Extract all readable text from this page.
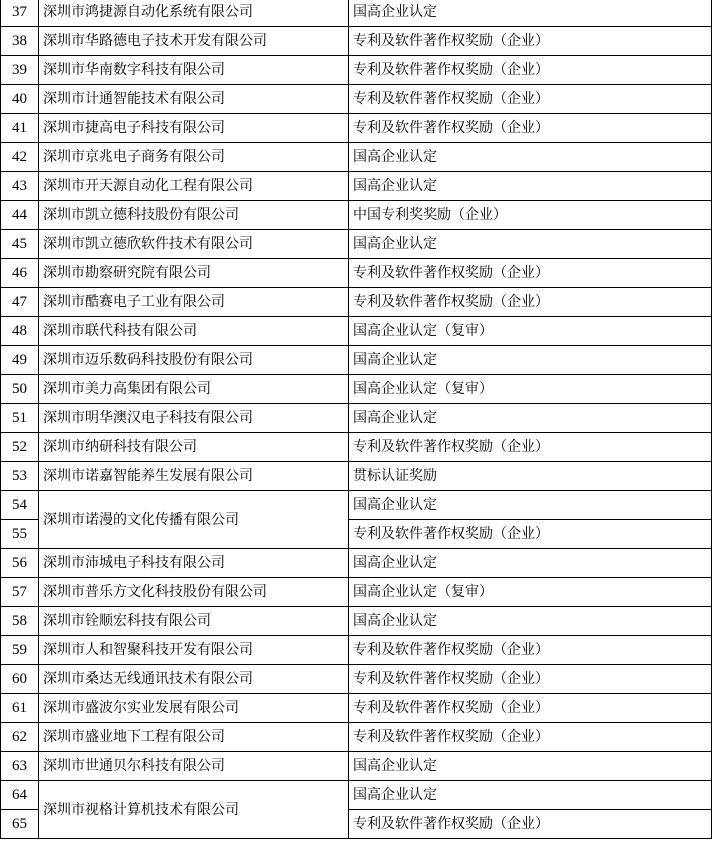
37	深圳市鸿捷源自动化系统有限公司	国高企业认定
38	深圳市华路德电子技术开发有限公司	专利及软件著作权奖励（企业）
39	深圳市华南数字科技有限公司	专利及软件著作权奖励（企业）
40	深圳市计通智能技术有限公司	专利及软件著作权奖励（企业）
41	深圳市捷高电子科技有限公司	专利及软件著作权奖励（企业）
42	深圳市京兆电子商务有限公司	国高企业认定
43	深圳市开天源自动化工程有限公司	国高企业认定
44	深圳市凯立德科技股份有限公司	中国专利奖奖励（企业）
45	深圳市凯立德欣软件技术有限公司	国高企业认定
46	深圳市勘察研究院有限公司	专利及软件著作权奖励（企业）
47	深圳市酷赛电子工业有限公司	专利及软件著作权奖励（企业）
48	深圳市联代科技有限公司	国高企业认定（复审）
49	深圳市迈乐数码科技股份有限公司	国高企业认定
50	深圳市美力高集团有限公司	国高企业认定（复审）
51	深圳市明华澳汉电子科技有限公司	国高企业认定
52	深圳市纳研科技有限公司	专利及软件著作权奖励（企业）
53	深圳市诺嘉智能养生发展有限公司	贯标认证奖励
54	深圳市诺漫的文化传播有限公司	国高企业认定
55		专利及软件著作权奖励（企业）
56	深圳市沛城电子科技有限公司	国高企业认定
57	深圳市普乐方文化科技股份有限公司	国高企业认定（复审）
58	深圳市铨顺宏科技有限公司	国高企业认定
59	深圳市人和智聚科技开发有限公司	专利及软件著作权奖励（企业）
60	深圳市桑达无线通讯技术有限公司	专利及软件著作权奖励（企业）
61	深圳市盛波尔实业发展有限公司	专利及软件著作权奖励（企业）
62	深圳市盛业地下工程有限公司	专利及软件著作权奖励（企业）
63	深圳市世通贝尔科技有限公司	国高企业认定
64	深圳市视格计算机技术有限公司	国高企业认定
65		专利及软件著作权奖励（企业）
